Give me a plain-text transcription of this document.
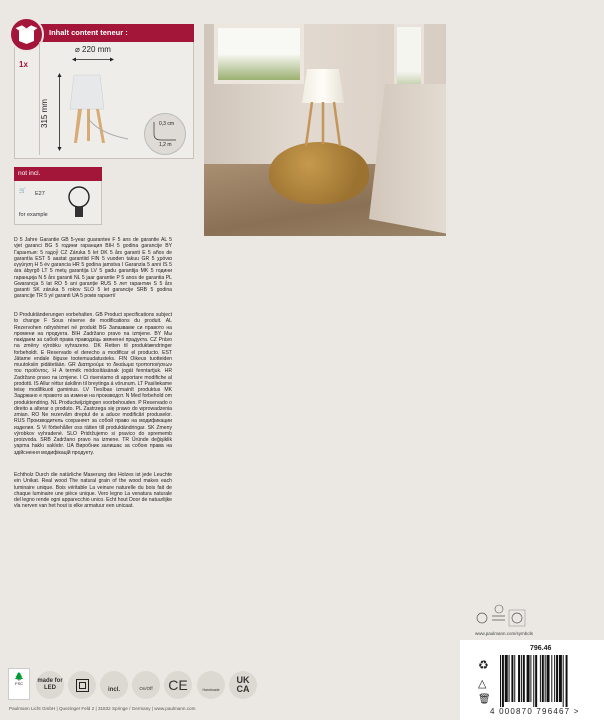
Inhalt content teneur :
1x
⌀ 220 mm
315 mm	0,3 cm
1,2 m
not incl.
🛒 E27
for example
D 5 Jahre Garantie GB 5-year guarantee F 5 ans de garantie AL 5 vjet garanci BG 5 години гаранция BIH 5 godina garancije BY Гарантыя: 5 гадоў CZ Záruka 5 let DK 5 års garanti E 5 años de garantía EST 5 aastat garantiid FIN 5 vuoden takuu GR 5 χρόνια εγγύηση H 5 év garancia HR 5 godina jamstva I Garanzia 5 anni IS 5 ára ábyrgð LT 5 metų garantija LV 5 gadu garantija MK 5 години гаранција N 5 års garanti NL 5 jaar garantie P 5 anos de garantia PL Gwarancja 5 lat RO 5 ani garanție RUS 5 лет гарантии S 5 års garanti SK záruka 5 rokov SLO 5 let garancije SRB 5 godina garancije TR 5 yıl garanti UA 5 років гарантії
D Produktänderungen vorbehalten. GB Product specifications subject to change F Sous réserve de modifications du produit. AL Rezervohen ndryshimet në produkt BG Запазваме си правото на промени на продукта. BIH Zadržano pravo na izmjene. BY Мы пакідаем за сабой права праводзіць змяненні прадукта. CZ Právo na změny výrobku vyhrazeno. DK Retten til produktændringer forbeholdt. E Reservado el derecho a modificar el producto. EST Jätame endale õiguse tootemuudatusteks. FIN Oikeus tuotteiden muutoksiin pidätetään. GR Διατηρούμε το δικαίωμα τροποποιήσεων του προϊόντος. H A termék módosításának jogát fenntartjuk. HR Zadržano pravo na izmjene. I Ci riserviamo di apportare modifiche al prodotti. IS Allur réttur áskilinn til breytinga á vörunum. LT Pasiliekame teisę modifikuoti gaminius. LV Tiesības izmainīt produktus MK Задржано е правото за измени на производот. N Med forbehold om produktendring. NL Productwijzigingen voorbehouden. P Reservado o direito a alterar o produto. PL Zastrzega się prawo do wprowadzenia zmian. RO Ne rezervăm dreptul de a aduce modificări produselor. RUS Производитель сохраняет за собой право на модификации изделия. S Vi förbehåller oss rätten till produktändringar. SK Zmeny výrobkov vyhradené. SLO Pridržujemo si pravico do sprememb proizvoda. SRB Zadržano pravo na izmene. TR Üründe değişiklik yapma hakkı saklıdır. UA Виробник залишає за собою права на здійснення модифікацій продукту.
Echtholz Durch die natürliche Maserung des Holzes ist jede Leuchte ein Unikat. Real wood The natural grain of the wood makes each luminaire unique. Bois véritable La veinure naturelle du bois fait de chaque luminaire une pièce unique. Vero legno La venatura naturale del legno rende ogni apparecchio unico. Echt hout Door de natuurlijke vla nerven van het hout is elke armatuur een unicaat.
www.paulmann.com/symbols
796.46
♻
△
🗑
4 000870 796467 >
🌲
FSC	made for LED	incl.	On/Off	CE	Handmade
UK CA
Paulmann Licht GmbH | Quezinger Feld 2 | 31832 Springe / Germany | www.paulmann.com
